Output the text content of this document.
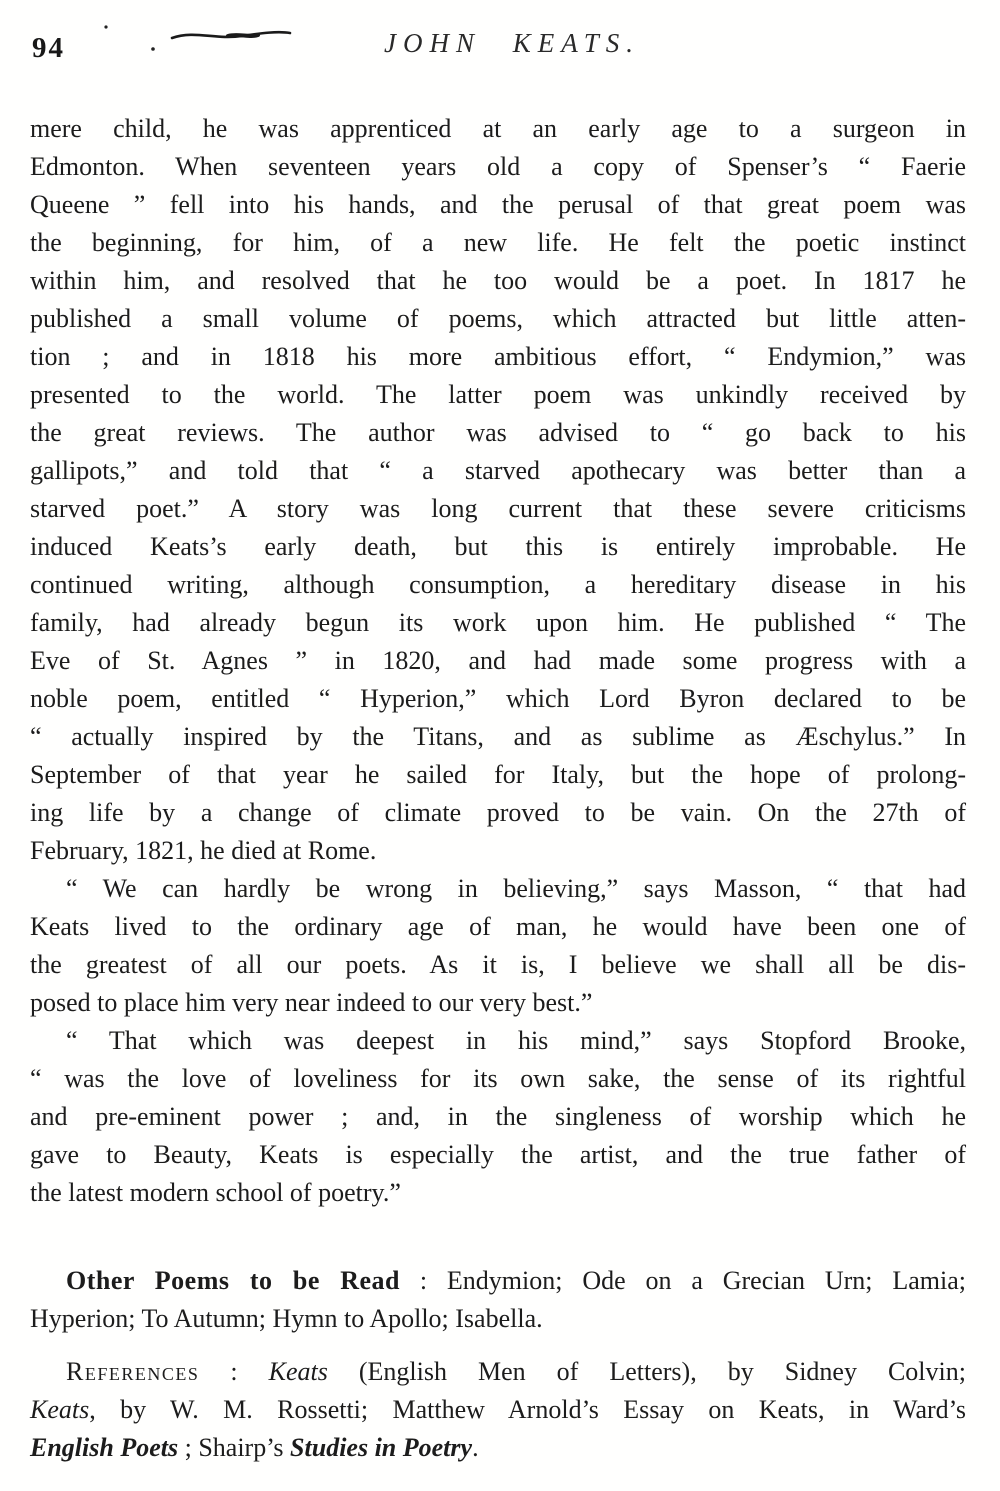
94	JOHN KEATS.
mere child, he was apprenticed at an early age to a surgeon in
Edmonton. When seventeen years old a copy of Spenser’s “ Faerie
Queene ” fell into his hands, and the perusal of that great poem was
the beginning, for him, of a new life. He felt the poetic instinct
within him, and resolved that he too would be a poet. In 1817 he
published a small volume of poems, which attracted but little atten-
tion ; and in 1818 his more ambitious effort, “ Endymion,” was
presented to the world. The latter poem was unkindly received by
the great reviews. The author was advised to “ go back to his
gallipots,” and told that “ a starved apothecary was better than a
starved poet.” A story was long current that these severe criticisms
induced Keats’s early death, but this is entirely improbable. He
continued writing, although consumption, a hereditary disease in his
family, had already begun its work upon him. He published “ The
Eve of St. Agnes ” in 1820, and had made some progress with a
noble poem, entitled “ Hyperion,” which Lord Byron declared to be
“ actually inspired by the Titans, and as sublime as Æschylus.” In
September of that year he sailed for Italy, but the hope of prolong-
ing life by a change of climate proved to be vain. On the 27th of
February, 1821, he died at Rome.
“ We can hardly be wrong in believing,” says Masson, “ that had
Keats lived to the ordinary age of man, he would have been one of
the greatest of all our poets. As it is, I believe we shall all be dis-
posed to place him very near indeed to our very best.”
“ That which was deepest in his mind,” says Stopford Brooke,
“ was the love of loveliness for its own sake, the sense of its rightful
and pre-eminent power ; and, in the singleness of worship which he
gave to Beauty, Keats is especially the artist, and the true father of
the latest modern school of poetry.”
Other Poems to be Read : Endymion; Ode on a Grecian Urn; Lamia;
Hyperion; To Autumn; Hymn to Apollo; Isabella.
References : Keats (English Men of Letters), by Sidney Colvin;
Keats, by W. M. Rossetti; Matthew Arnold’s Essay on Keats, in Ward’s
English Poets ; Shairp’s Studies in Poetry.
